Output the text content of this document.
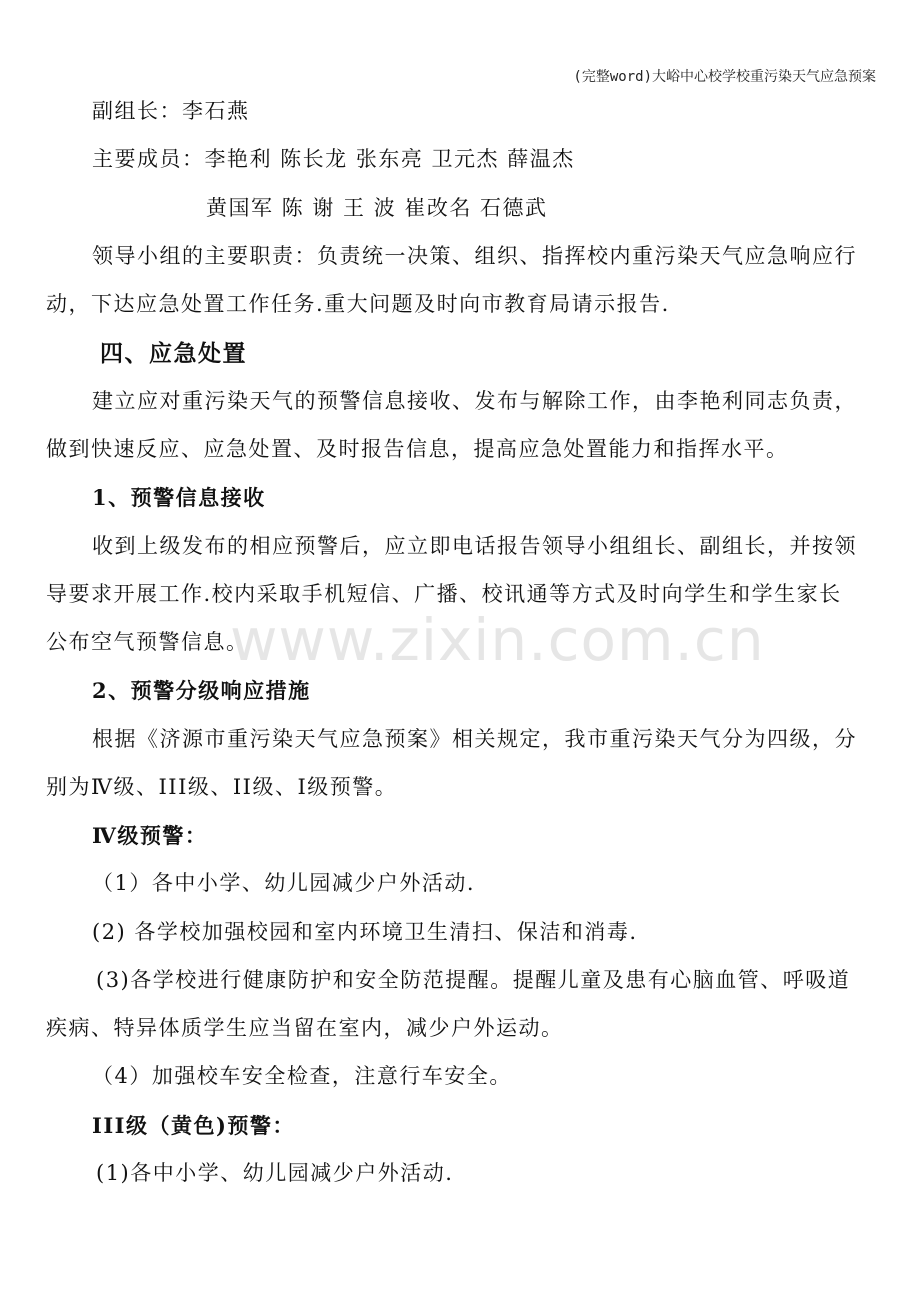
(完整word)大峪中心校学校重污染天气应急预案
www.zixin.com.cn
副组长：李石燕
主要成员：李艳利 陈长龙 张东亮 卫元杰 薛温杰
黄国军 陈 谢 王 波 崔改名 石德武
领导小组的主要职责：负责统一决策、组织、指挥校内重污染天气应急响应行
动，下达应急处置工作任务.重大问题及时向市教育局请示报告.
四、应急处置
建立应对重污染天气的预警信息接收、发布与解除工作，由李艳利同志负责，
做到快速反应、应急处置、及时报告信息，提高应急处置能力和指挥水平。
1、预警信息接收
收到上级发布的相应预警后，应立即电话报告领导小组组长、副组长，并按领
导要求开展工作.校内采取手机短信、广播、校讯通等方式及时向学生和学生家长
公布空气预警信息。
2、预警分级响应措施
根据《济源市重污染天气应急预案》相关规定，我市重污染天气分为四级，分
别为Ⅳ级、III级、II级、I级预警。
Ⅳ级预警：
（1）各中小学、幼儿园减少户外活动.
(2) 各学校加强校园和室内环境卫生清扫、保洁和消毒.
(3)各学校进行健康防护和安全防范提醒。提醒儿童及患有心脑血管、呼吸道
疾病、特异体质学生应当留在室内，减少户外运动。
（4）加强校车安全检查，注意行车安全。
III级（黄色)预警：
(1)各中小学、幼儿园减少户外活动.
